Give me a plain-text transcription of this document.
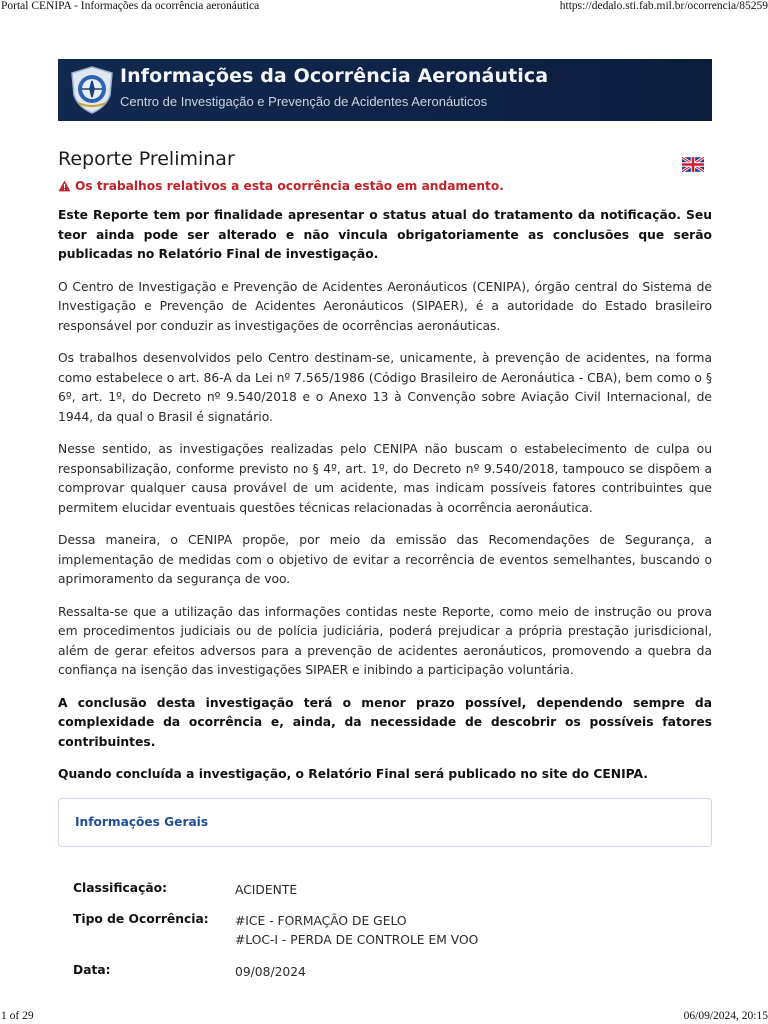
Portal CENIPA - Informações da ocorrência aeronáutica	https://dedalo.sti.fab.mil.br/ocorrencia/85259
Informações da Ocorrência Aeronáutica
Centro de Investigação e Prevenção de Acidentes Aeronáuticos
Reporte Preliminar
Os trabalhos relativos a esta ocorrência estão em andamento.

Este Reporte tem por finalidade apresentar o status atual do tratamento da notificação. Seu teor ainda pode ser alterado e não vincula obrigatoriamente as conclusões que serão publicadas no Relatório Final de investigação.

O Centro de Investigação e Prevenção de Acidentes Aeronáuticos (CENIPA), órgão central do Sistema de Investigação e Prevenção de Acidentes Aeronáuticos (SIPAER), é a autoridade do Estado brasileiro responsável por conduzir as investigações de ocorrências aeronáuticas.

Os trabalhos desenvolvidos pelo Centro destinam-se, unicamente, à prevenção de acidentes, na forma como estabelece o art. 86-A da Lei nº 7.565/1986 (Código Brasileiro de Aeronáutica - CBA), bem como o § 6º, art. 1º, do Decreto nº 9.540/2018 e o Anexo 13 à Convenção sobre Aviação Civil Internacional, de 1944, da qual o Brasil é signatário.

Nesse sentido, as investigações realizadas pelo CENIPA não buscam o estabelecimento de culpa ou responsabilização, conforme previsto no § 4º, art. 1º, do Decreto nº 9.540/2018, tampouco se dispõem a comprovar qualquer causa provável de um acidente, mas indicam possíveis fatores contribuintes que permitem elucidar eventuais questões técnicas relacionadas à ocorrência aeronáutica.

Dessa maneira, o CENIPA propõe, por meio da emissão das Recomendações de Segurança, a implementação de medidas com o objetivo de evitar a recorrência de eventos semelhantes, buscando o aprimoramento da segurança de voo.

Ressalta-se que a utilização das informações contidas neste Reporte, como meio de instrução ou prova em procedimentos judiciais ou de polícia judiciária, poderá prejudicar a própria prestação jurisdicional, além de gerar efeitos adversos para a prevenção de acidentes aeronáuticos, promovendo a quebra da confiança na isenção das investigações SIPAER e inibindo a participação voluntária.

A conclusão desta investigação terá o menor prazo possível, dependendo sempre da complexidade da ocorrência e, ainda, da necessidade de descobrir os possíveis fatores contribuintes.

Quando concluída a investigação, o Relatório Final será publicado no site do CENIPA.

Informações Gerais
Classificação:	ACIDENTE
Tipo de Ocorrência: #ICE - FORMAÇÃO DE GELO
#LOC-I - PERDA DE CONTROLE EM VOO
Data:	09/08/2024
1 of 29	06/09/2024, 20:15
